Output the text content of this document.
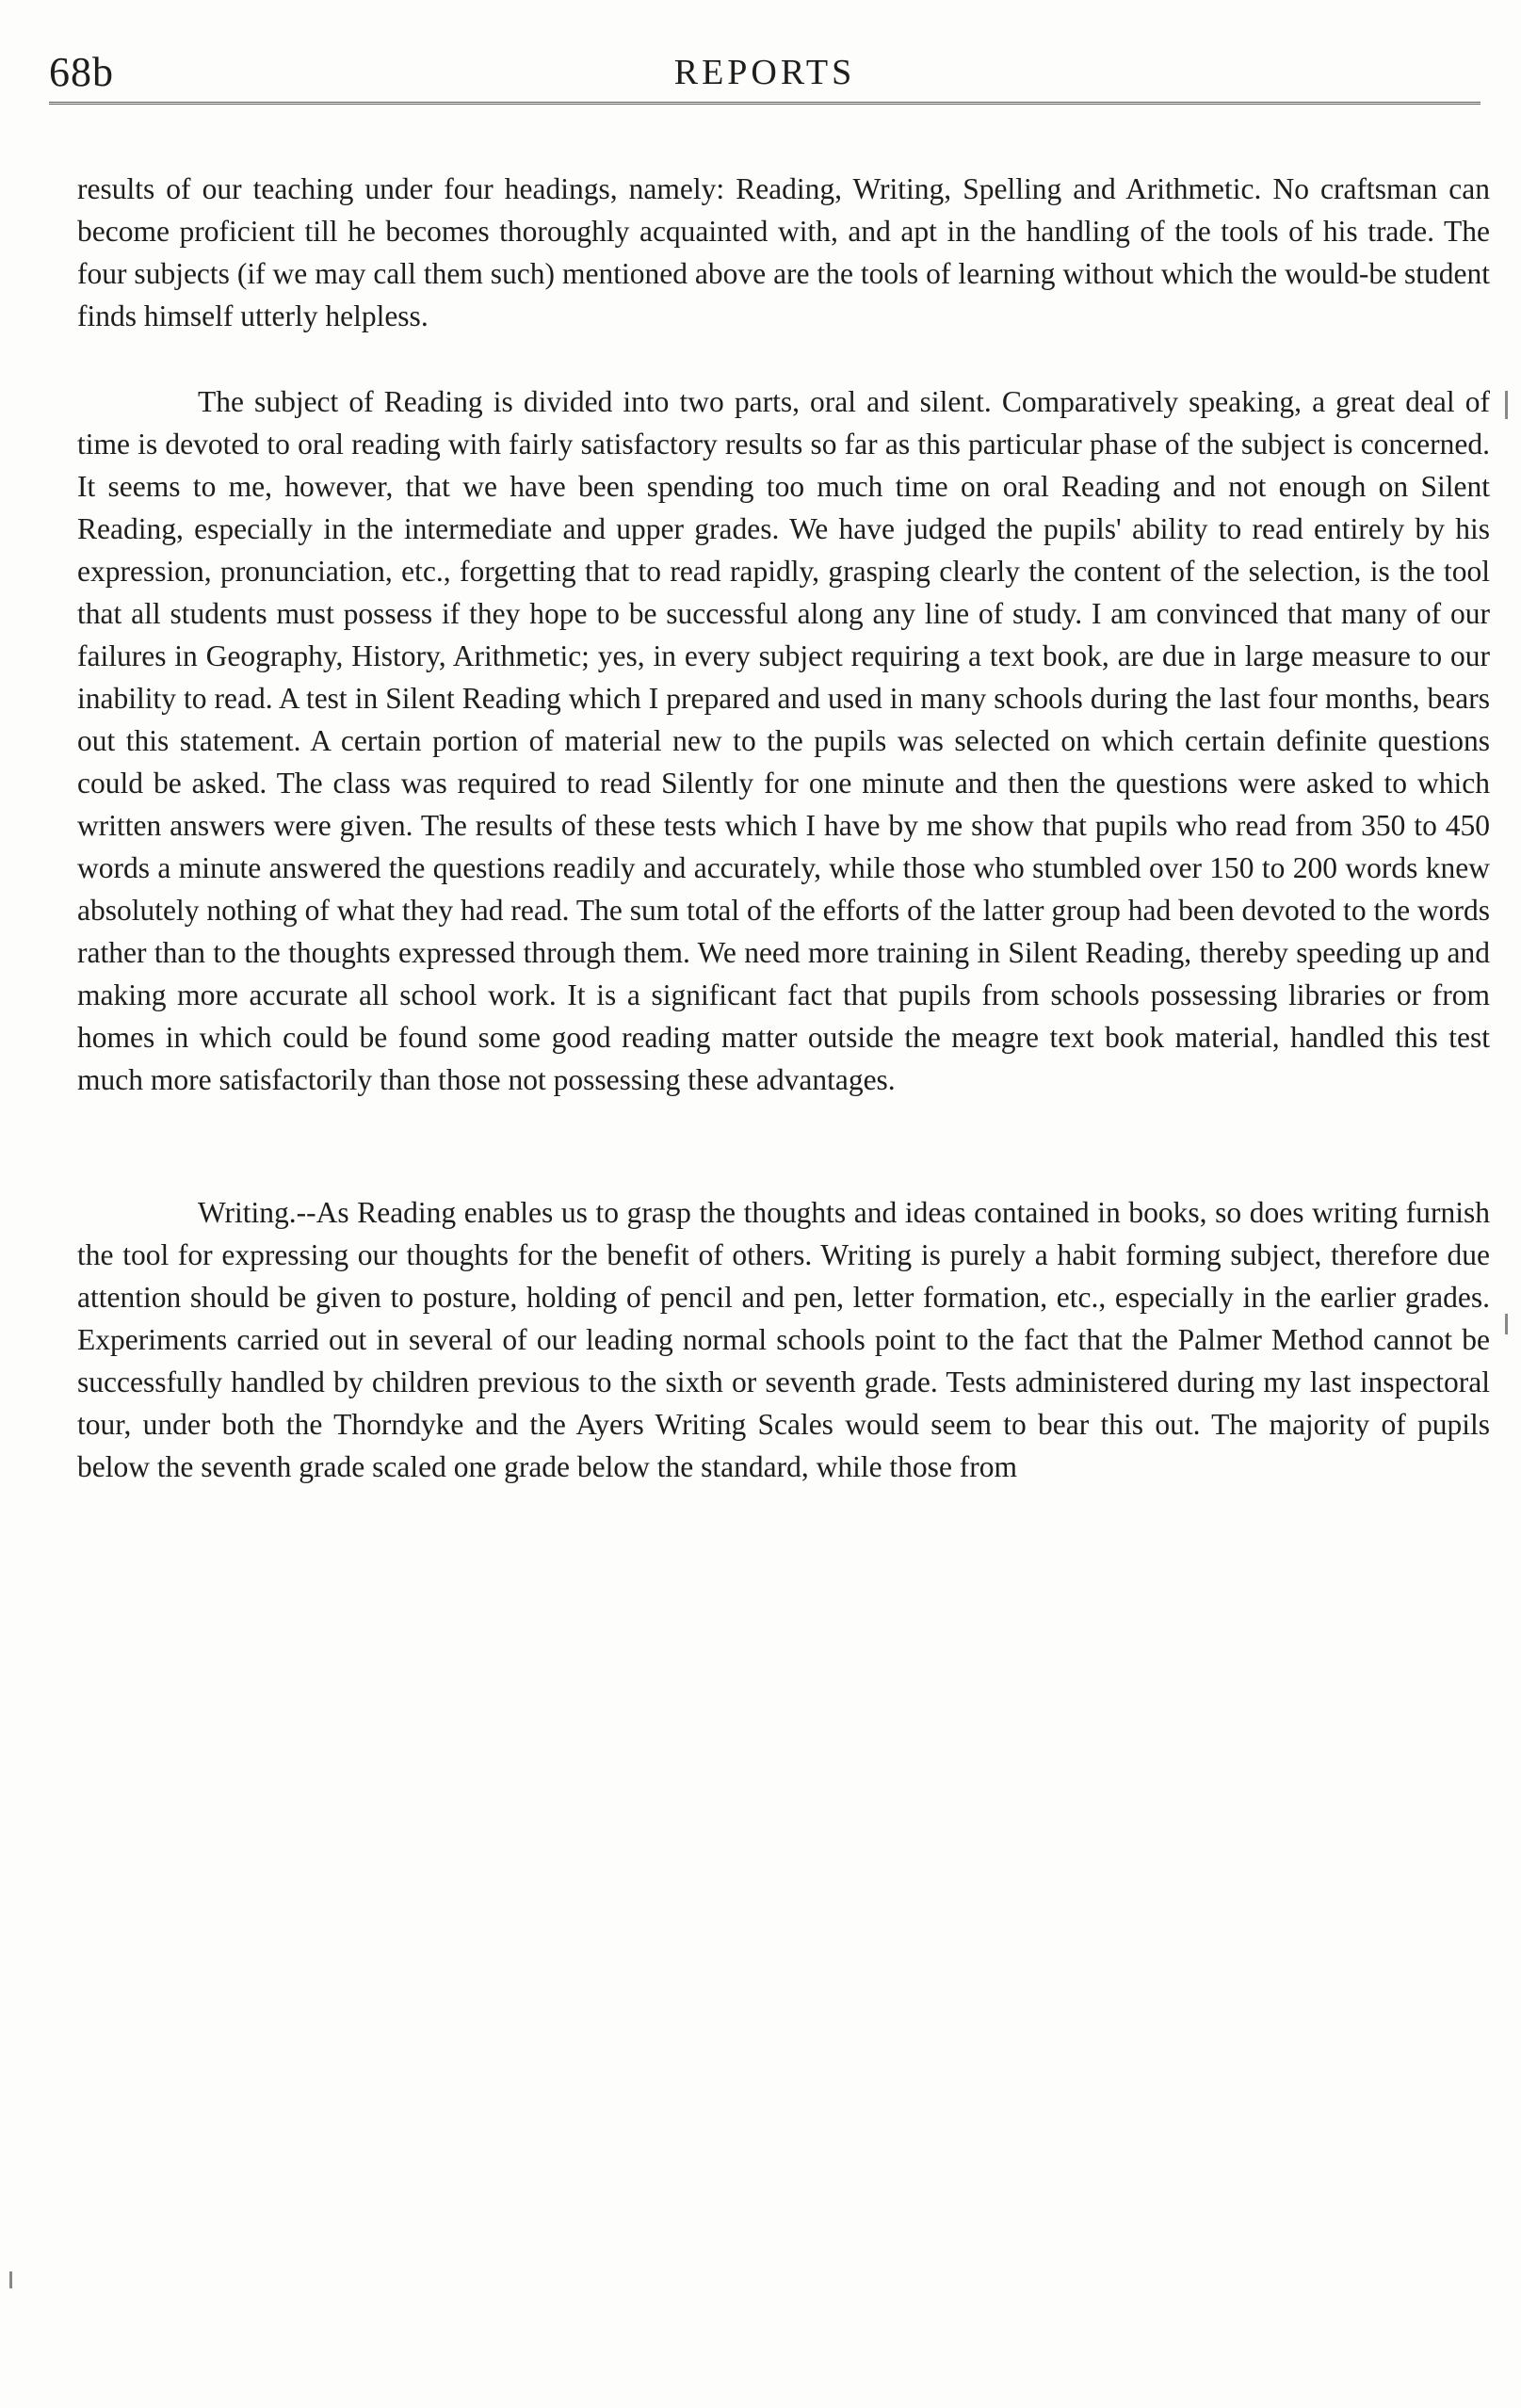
68b	REPORTS

results of our teaching under four headings, namely: Reading, Writing, Spelling and Arithmetic. No craftsman can become proficient till he becomes thoroughly acquainted with, and apt in the handling of the tools of his trade. The four subjects (if we may call them such) mentioned above are the tools of learning without which the would-be student finds himself utterly helpless.

The subject of Reading is divided into two parts, oral and silent. Comparatively speaking, a great deal of time is devoted to oral reading with fairly satisfactory results so far as this particular phase of the subject is concerned. It seems to me, however, that we have been spending too much time on oral Reading and not enough on Silent Reading, especially in the intermediate and upper grades. We have judged the pupils' ability to read entirely by his expression, pronunciation, etc., forgetting that to read rapidly, grasping clearly the content of the selection, is the tool that all students must possess if they hope to be successful along any line of study. I am convinced that many of our failures in Geography, History, Arithmetic; yes, in every subject requiring a text book, are due in large measure to our inability to read. A test in Silent Reading which I prepared and used in many schools during the last four months, bears out this statement. A certain portion of material new to the pupils was selected on which certain definite questions could be asked. The class was required to read Silently for one minute and then the questions were asked to which written answers were given. The results of these tests which I have by me show that pupils who read from 350 to 450 words a minute answered the questions readily and accurately, while those who stumbled over 150 to 200 words knew absolutely nothing of what they had read. The sum total of the efforts of the latter group had been devoted to the words rather than to the thoughts expressed through them. We need more training in Silent Reading, thereby speeding up and making more accurate all school work. It is a significant fact that pupils from schools possessing libraries or from homes in which could be found some good reading matter outside the meagre text book material, handled this test much more satisfactorily than those not possessing these advantages.

Writing.--As Reading enables us to grasp the thoughts and ideas contained in books, so does writing furnish the tool for expressing our thoughts for the benefit of others. Writing is purely a habit forming subject, therefore due attention should be given to posture, holding of pencil and pen, letter formation, etc., especially in the earlier grades. Experiments carried out in several of our leading normal schools point to the fact that the Palmer Method cannot be successfully handled by children previous to the sixth or seventh grade. Tests administered during my last inspectoral tour, under both the Thorndyke and the Ayers Writing Scales would seem to bear this out. The majority of pupils below the seventh grade scaled one grade below the standard, while those from
